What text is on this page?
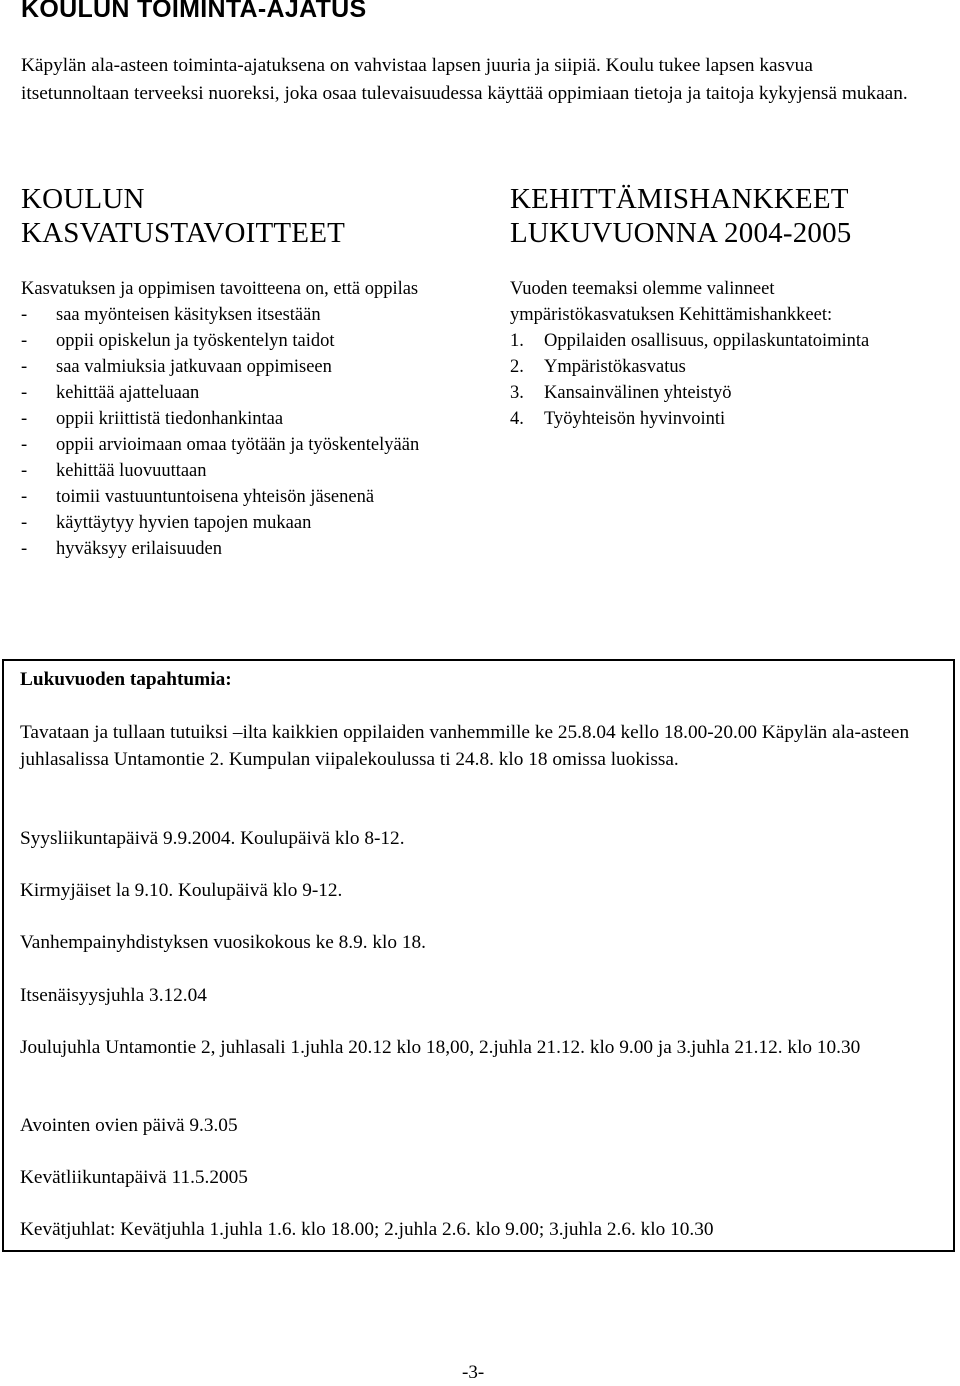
KOULUN TOIMINTA-AJATUS

Käpylän ala-asteen toiminta-ajatuksena on vahvistaa lapsen juuria ja siipiä. Koulu tukee lapsen kasvua itsetunnoltaan terveeksi nuoreksi, joka osaa tulevaisuudessa käyttää oppimiaan tietoja ja taitoja kykyjensä mukaan.

KOULUN
KASVATUSTAVOITTEET
Kasvatuksen ja oppimisen tavoitteena on, että oppilas
-	saa myönteisen käsityksen itsestään
-	oppii opiskelun ja työskentelyn taidot
-	saa valmiuksia jatkuvaan oppimiseen
-	kehittää ajatteluaan
-	oppii kriittistä tiedonhankintaa
-	oppii arvioimaan omaa työtään ja työskentelyään
-	kehittää luovuuttaan
-	toimii vastuuntuntoisena yhteisön jäsenenä
-	käyttäytyy hyvien tapojen mukaan
-	hyväksyy erilaisuuden
KEHITTÄMISHANKKEET
LUKUVUONNA 2004-2005
Vuoden teemaksi olemme valinneet ympäristökasvatuksen Kehittämishankkeet:
1.	Oppilaiden osallisuus, oppilaskuntatoiminta
2.	Ympäristökasvatus
3.	Kansainvälinen yhteistyö
4.	Työyhteisön hyvinvointi
Lukuvuoden tapahtumia:

Tavataan ja tullaan tutuiksi –ilta kaikkien oppilaiden vanhemmille ke 25.8.04 kello 18.00-20.00 Käpylän ala-asteen juhlasalissa Untamontie 2. Kumpulan viipalekoulussa ti 24.8. klo 18 omissa luokissa.

Syysliikuntapäivä 9.9.2004. Koulupäivä klo 8-12.

Kirmyjäiset la 9.10. Koulupäivä klo 9-12.

Vanhempainyhdistyksen vuosikokous ke 8.9. klo 18.

Itsenäisyysjuhla 3.12.04

Joulujuhla Untamontie 2, juhlasali 1.juhla 20.12 klo 18,00, 2.juhla 21.12. klo 9.00 ja 3.juhla 21.12. klo 10.30

Avointen ovien päivä 9.3.05

Kevätliikuntapäivä 11.5.2005

Kevätjuhlat: Kevätjuhla 1.juhla 1.6. klo 18.00; 2.juhla 2.6. klo 9.00; 3.juhla 2.6. klo 10.30

-3-
